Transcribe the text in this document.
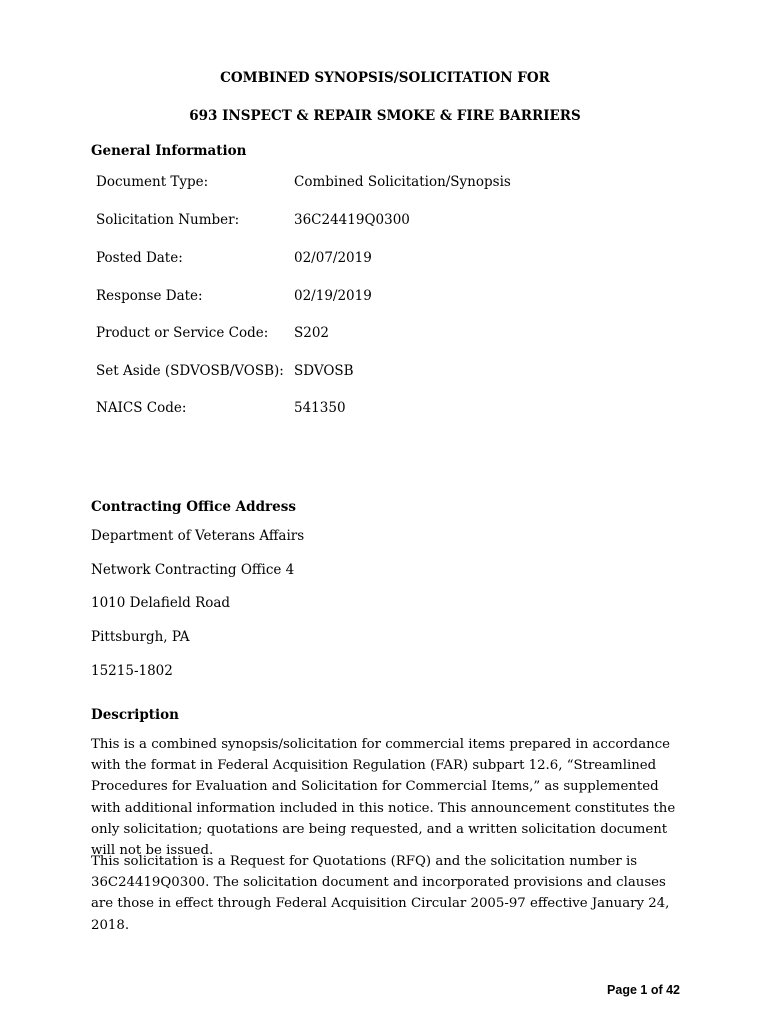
COMBINED SYNOPSIS/SOLICITATION FOR
693 INSPECT & REPAIR SMOKE & FIRE BARRIERS
General Information
Document Type:	Combined Solicitation/Synopsis
Solicitation Number:	36C24419Q0300
Posted Date:	02/07/2019
Response Date:	02/19/2019
Product or Service Code: S202
Set Aside (SDVOSB/VOSB): SDVOSB
NAICS Code:	541350
Contracting Office Address
Department of Veterans Affairs
Network Contracting Office 4
1010 Delafield Road
Pittsburgh, PA
15215-1802
Description
This is a combined synopsis/solicitation for commercial items prepared in accordance with the format in Federal Acquisition Regulation (FAR) subpart 12.6, “Streamlined Procedures for Evaluation and Solicitation for Commercial Items,” as supplemented with additional information included in this notice. This announcement constitutes the only solicitation; quotations are being requested, and a written solicitation document will not be issued.
This solicitation is a Request for Quotations (RFQ) and the solicitation number is 36C24419Q0300. The solicitation document and incorporated provisions and clauses are those in effect through Federal Acquisition Circular 2005-97 effective January 24, 2018.
Page 1 of 42
